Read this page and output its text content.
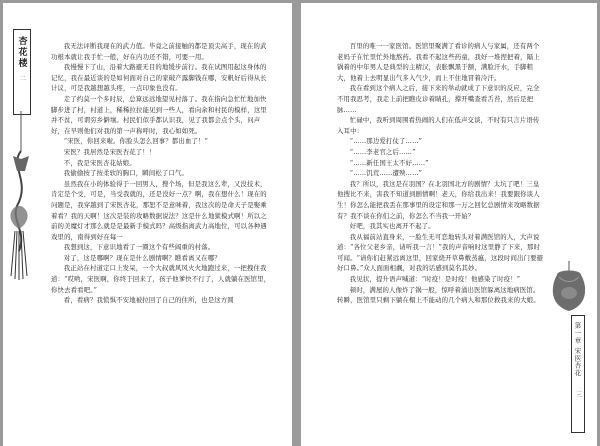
杏花楼
二

我无法评断我现在的武力值。毕竟之前接触的都是顶尖高手，现在的武功根本就让我手忙一般，好在内功还不错，可要一用。

我慢慢下了山，沿着大路避无目的地缓步前行。我在试图用起这身体的记忆，我在最近谈的是如何面对自己的家破产露脚钱在哪，安帆好后得从长计议，可是我越想越头疼，一点印象也没有。

走了约莫一个多时辰，总算远远地望见村落了。我在指向急忙忙地加快脚步进了村，村道上，稀稀拉拉能见到一些人，看向余和村民的模样，这里并不贫，可谓穷乡僻壤。村民们似乎都认识我，见了我都会点个头，问声好，在早则他们对我的第一声称呼时，我心如如死。

“宋医，你回来啦。你脸头怎么回事？都出血了！”

宋医？我居然是宋医杏花了！！

不，我是宋医杏花姑娘。

我偷偷按了按柔软的胸口，瞬间松了口气。

虽然我在小的体验得于一回男人，搜个场，但是我这么辈，又没技术，肯定是个受，可是，当受我就的，还是没好一点？啊，我在想什么！现在的问题是，我穿越到了宋医杏花，那恕不是意味着，我这次的是命天子是娶乘着看？我的天啊！这次是装的攻略数据说法？这是什么地狱模式啊！所以之前的美魔灯才那么就是是最新手模式吗？高级指离武力高地位，可以各种遇戏里的，南得到好在每一

我想到这，下意识地看了一圈这个有些阔重的村落。

对了，这是哪啊？现在是什么剧情啊？瞧看离又在哪？

我正站在村道定口上发呆，一个大叔就风风火火地跑过来，一把拽住我道：“哎哟，宋医啊，你终于回来了，孩子他爹快不行了，人就躺在医馆里，你快去看看吧。”

看，看病？我慌惧不安地被拉回了自己的住所，也是这方圆

百里的唯一一家医馆。医馆里聚满了看诊的病人与家属，还有两个老妈子在忙里忙外地熬药。我看不起这些药童，我好一堆捏把着，隔上锅着的中年男人是典型的主精汉，表胀飘黑于额，满脸汗水，手脚粗大，他着上去明显出气多入气少，而上不住地冒着冷汗。

我在看到这个病人之后，接下来的举动就成了下意识的反应，完全不用我思考，我走上前把瞧皮诊着睛孔，撑开嘴查看舌苔，然后是把脉……

忙碌中，我听到周围看热闹的人们在低声交谈，不时有只言片语传入耳中：

“……那边爱打仗了……”

“……李老官之后……”

“……新任国王太不好……”

“……饥荒……遭殃……”

我？所以，我这是在羽国？在北羽国北方的剧情？太坑了吧！三皇他搜比不来，害我不知道到剧情啊！老天，你给我出来！我要跟你谈人生！你怎么能把我丢在那事里的设定和那一万之回忆总剧情来攻略数据有？我不谈在你们之前，你怎么不当我一开始？

好吧，我其实也离开不起了。

我从福前站直身来，一脸生无可恋地转头对着满医馆的人，大声说道：“各位父老乡亲，请听我一言！”我的声音响时这里静了下来，那时可闻。“请你们赶紧远离这里，回家烧开草鼻敷蒸瘟，这段时间出门要避好口鼻。”众人面面相觑，对我的话感到莫名其妙。

我见状，提升语声喊道：“时疫！是时疫！他感染了时疫！”

顿时，满屋的人像炸了锅一般，惊呼着涌出医馆躲离这地病医馆。转瞬，医馆里只剩下躺在榻上不能动的几个病人和那位救我来的大娘。

第一章 宋医杏花
三
